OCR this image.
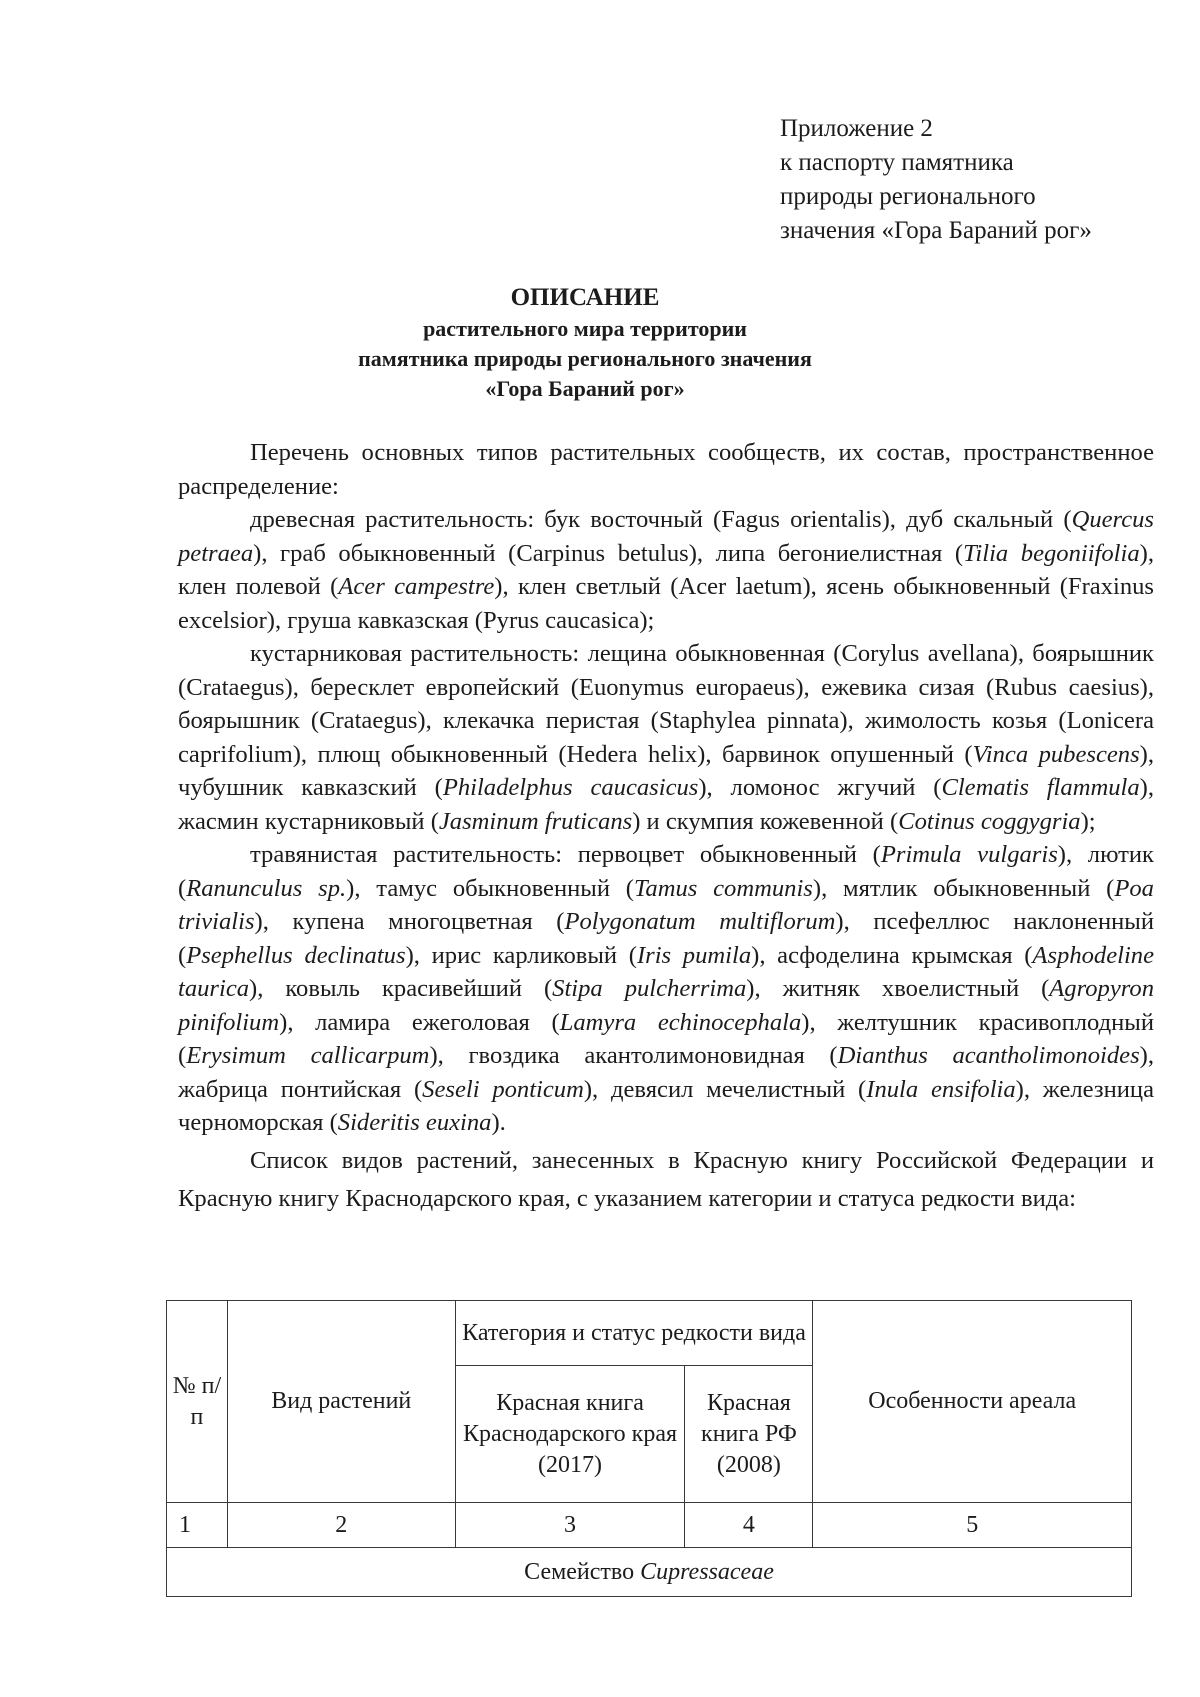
Приложение 2
к паспорту памятника
природы регионального
значения «Гора Бараний рог»
ОПИСАНИЕ
растительного мира территории
памятника природы регионального значения
«Гора Бараний рог»

Перечень основных типов растительных сообществ, их состав, пространственное распределение:

древесная растительность: бук восточный (Fagus orientalis), дуб скальный (Quercus petraea), граб обыкновенный (Carpinus betulus), липа бегониелистная (Tilia begoniifolia), клен полевой (Acer campestre), клен светлый (Acer laetum), ясень обыкновенный (Fraxinus excelsior), груша кавказская (Pyrus caucasica);

кустарниковая растительность: лещина обыкновенная (Corylus avellana), боярышник (Crataegus), бересклет европейский (Euonymus europaeus), ежевика сизая (Rubus caesius), боярышник (Crataegus), клекачка перистая (Staphylea pinnata), жимолость козья (Lonicera caprifolium), плющ обыкновенный (Hedera helix), барвинок опушенный (Vinca pubescens), чубушник кавказский (Philadelphus caucasicus), ломонос жгучий (Clematis flammula), жасмин кустарниковый (Jasminum fruticans) и скумпия кожевенной (Cotinus coggygria);

травянистая растительность: первоцвет обыкновенный (Primula vulgaris), лютик (Ranunculus sp.), тамус обыкновенный (Tamus communis), мятлик обыкновенный (Poa trivialis), купена многоцветная (Polygonatum multiflorum), псефеллюс наклоненный (Psephellus declinatus), ирис карликовый (Iris pumila), асфоделина крымская (Asphodeline taurica), ковыль красивейший (Stipa pulcherrima), житняк хвоелистный (Agropyron pinifolium), ламира ежеголовая (Lamyra echinocephala), желтушник красивоплодный (Erysimum callicarpum), гвоздика акантолимоновидная (Dianthus acantholimonoides), жабрица понтийская (Seseli ponticum), девясил мечелистный (Inula ensifolia), железница черноморская (Sideritis euxina).

Список видов растений, занесенных в Красную книгу Российской Федерации и Красную книгу Краснодарского края, с указанием категории и статуса редкости вида:

№ п/п	Вид растений	Категория и статус редкости вида		Особенности ареала
		Красная книга Краснодарского края (2017)	Красная книга РФ (2008)	
1	2	3	4	5
Семейство Cupressaceae				
